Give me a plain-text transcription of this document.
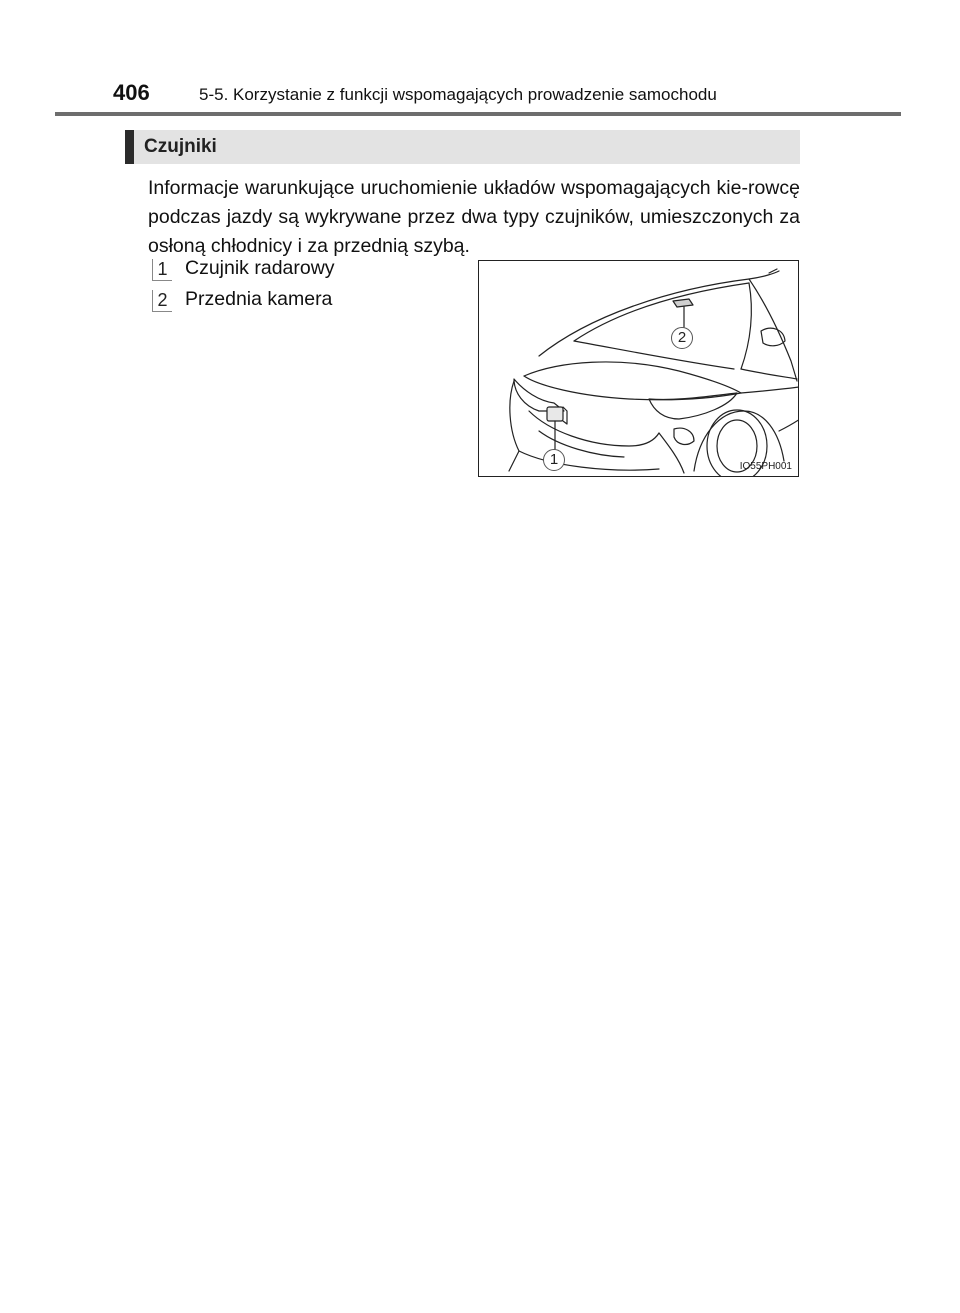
406	5-5. Korzystanie z funkcji wspomagających prowadzenie samochodu
Czujniki

Informacje warunkujące uruchomienie układów wspomagających kie-rowcę podczas jazdy są wykrywane przez dwa typy czujników, umieszczonych za osłoną chłodnicy i za przednią szybą.

1 Czujnik radarowy
2 Przednia kamera
1
2
IO55PH001
